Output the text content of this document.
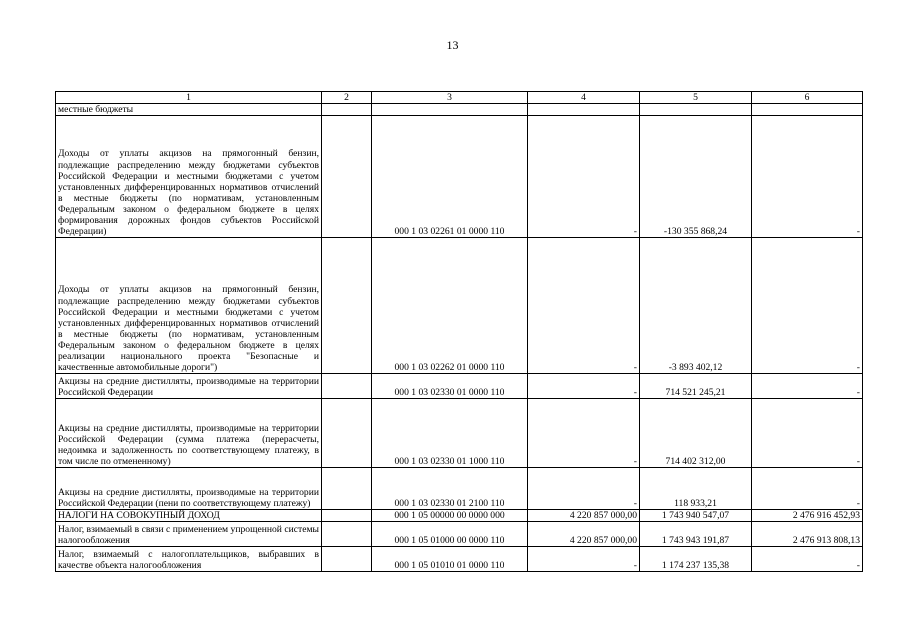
13
1	2	3	4	5	6
местные бюджеты					
Доходы от уплаты акцизов на прямогонный бензин, подлежащие распределению между бюджетами субъектов Российской Федерации и местными бюджетами с учетом установленных дифференцированных нормативов отчислений в местные бюджеты (по нормативам, установленным Федеральным законом о федеральном бюджете в целях формирования дорожных фондов субъектов Российской Федерации)		000 1 03 02261 01 0000 110	-	-130 355 868,24	-
Доходы от уплаты акцизов на прямогонный бензин, подлежащие распределению между бюджетами субъектов Российской Федерации и местными бюджетами с учетом установленных дифференцированных нормативов отчислений в местные бюджеты (по нормативам, установленным Федеральным законом о федеральном бюджете в целях реализации национального проекта "Безопасные и качественные автомобильные дороги")		000 1 03 02262 01 0000 110	-	-3 893 402,12	-
Акцизы на средние дистилляты, производимые на территории Российской Федерации		000 1 03 02330 01 0000 110	-	714 521 245,21	-
Акцизы на средние дистилляты, производимые на территории Российской Федерации (сумма платежа (перерасчеты, недоимка и задолженность по соответствующему платежу, в том числе по отмененному)		000 1 03 02330 01 1000 110	-	714 402 312,00	-
Акцизы на средние дистилляты, производимые на территории Российской Федерации (пени по соответствующему платежу)		000 1 03 02330 01 2100 110	-	118 933,21	-
НАЛОГИ НА СОВОКУПНЫЙ ДОХОД		000 1 05 00000 00 0000 000	4 220 857 000,00	1 743 940 547,07	2 476 916 452,93
Налог, взимаемый в связи с применением упрощенной системы налогообложения		000 1 05 01000 00 0000 110	4 220 857 000,00	1 743 943 191,87	2 476 913 808,13
Налог, взимаемый с налогоплательщиков, выбравших в качестве объекта налогообложения		000 1 05 01010 01 0000 110	-	1 174 237 135,38	-
